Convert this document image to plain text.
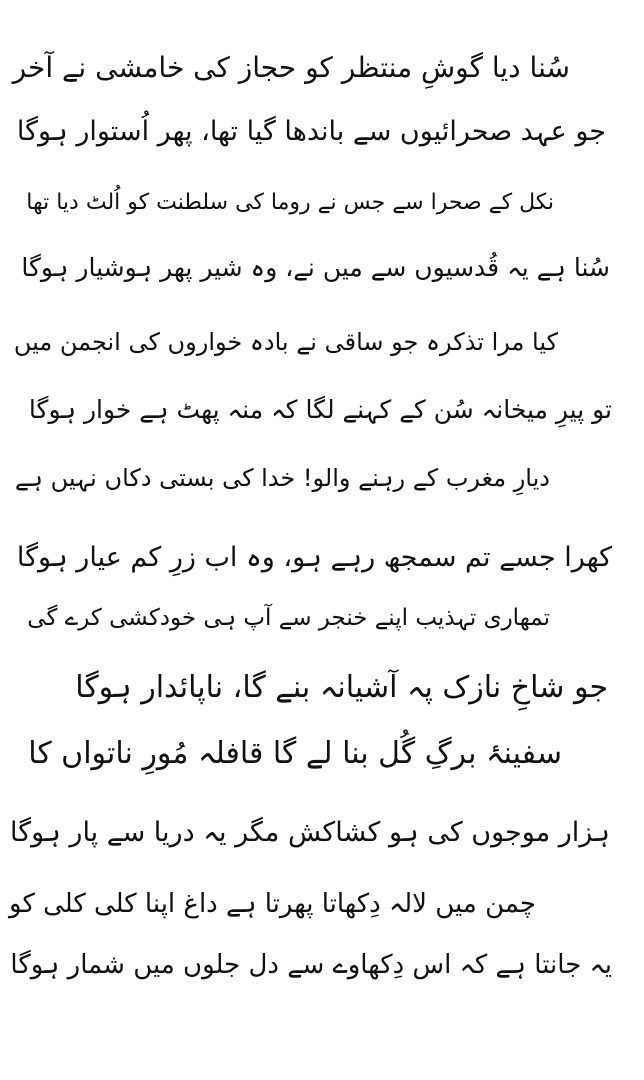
سُنا دیا گوشِ منتظر کو حجاز کی خامشی نے آخر
جو عہد صحرائیوں سے باندھا گیا تھا، پھر اُستوار ہوگا
نکل کے صحرا سے جس نے روما کی سلطنت کو اُلٹ دیا تھا
سُنا ہے یہ قُدسیوں سے میں نے، وہ شیر پھر ہوشیار ہوگا
کیا مرا تذکرہ جو ساقی نے بادہ خواروں کی انجمن میں
تو پیرِ میخانہ سُن کے کہنے لگا کہ منہ پھٹ ہے خوار ہوگا
دیارِ مغرب کے رہنے والو! خدا کی بستی دکاں نہیں ہے
کھرا جسے تم سمجھ رہے ہو، وہ اب زرِ کم عیار ہوگا
تمھاری تہذیب اپنے خنجر سے آپ ہی خودکشی کرے گی
جو شاخِ نازک پہ آشیانہ بنے گا، ناپائدار ہوگا
سفینۂ برگِ گُل بنا لے گا قافلہ مُورِ ناتواں کا
ہزار موجوں کی ہو کشاکش مگر یہ دریا سے پار ہوگا
چمن میں لالہ دِکھاتا پھرتا ہے داغ اپنا کلی کلی کو
یہ جانتا ہے کہ اس دِکھاوے سے دل جلوں میں شمار ہوگا
